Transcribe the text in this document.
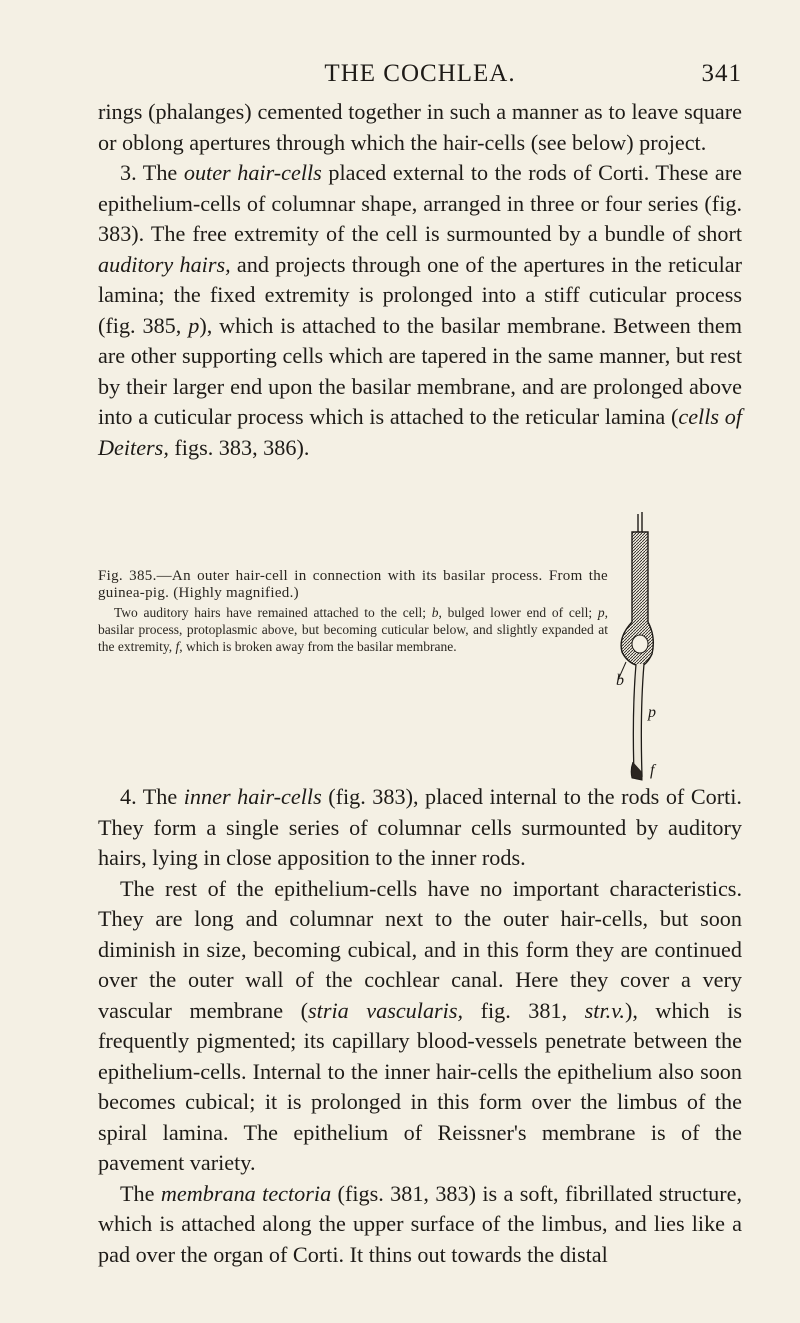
THE COCHLEA.	341

rings (phalanges) cemented together in such a manner as to leave square or oblong apertures through which the hair-cells (see below) project.

3. The outer hair-cells placed external to the rods of Corti. These are epithelium-cells of columnar shape, arranged in three or four series (fig. 383). The free extremity of the cell is surmounted by a bundle of short auditory hairs, and projects through one of the apertures in the reticular lamina; the fixed extremity is prolonged into a stiff cuticular process (fig. 385, p), which is attached to the basilar membrane. Between them are other supporting cells which are tapered in the same manner, but rest by their larger end upon the basilar membrane, and are prolonged above into a cuticular process which is attached to the reticular lamina (cells of Deiters, figs. 383, 386).

Fig. 385.—An outer hair-cell in connection with its basilar process. From the guinea-pig. (Highly magnified.)
Two auditory hairs have remained attached to the cell; b, bulged lower end of cell; p, basilar process, protoplasmic above, but becoming cuticular below, and slightly expanded at the extremity, f, which is broken away from the basilar membrane.
b
p
f

4. The inner hair-cells (fig. 383), placed internal to the rods of Corti. They form a single series of columnar cells surmounted by auditory hairs, lying in close apposition to the inner rods.

The rest of the epithelium-cells have no important characteristics. They are long and columnar next to the outer hair-cells, but soon diminish in size, becoming cubical, and in this form they are continued over the outer wall of the cochlear canal. Here they cover a very vascular membrane (stria vascularis, fig. 381, str.v.), which is frequently pigmented; its capillary blood-vessels penetrate between the epithelium-cells. Internal to the inner hair-cells the epithelium also soon becomes cubical; it is prolonged in this form over the limbus of the spiral lamina. The epithelium of Reissner's membrane is of the pavement variety.

The membrana tectoria (figs. 381, 383) is a soft, fibrillated structure, which is attached along the upper surface of the limbus, and lies like a pad over the organ of Corti. It thins out towards the distal
